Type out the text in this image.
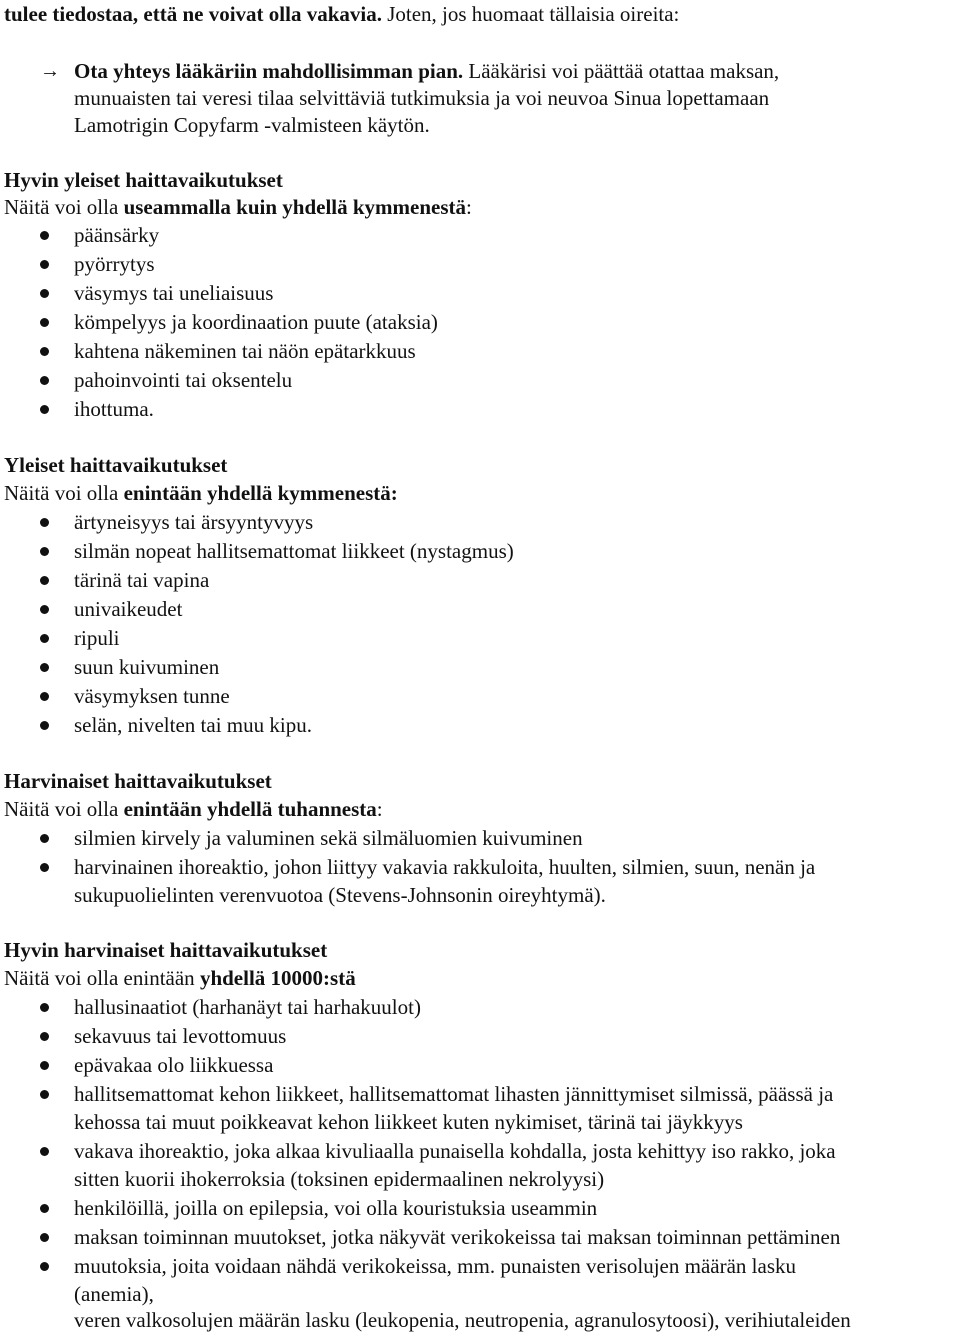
tulee tiedostaa, että ne voivat olla vakavia. Joten, jos huomaat tällaisia oireita:
→ Ota yhteys lääkäriin mahdollisimman pian. Lääkärisi voi päättää otattaa maksan,
munuaisten tai veresi tilaa selvittäviä tutkimuksia ja voi neuvoa Sinua lopettamaan
Lamotrigin Copyfarm -valmisteen käytön.
Hyvin yleiset haittavaikutukset
Näitä voi olla useammalla kuin yhdellä kymmenestä:
päänsärky
pyörrytys
väsymys tai uneliaisuus
kömpelyys ja koordinaation puute (ataksia)
kahtena näkeminen tai näön epätarkkuus
pahoinvointi tai oksentelu
ihottuma.
Yleiset haittavaikutukset
Näitä voi olla enintään yhdellä kymmenestä:
ärtyneisyys tai ärsyyntyvyys
silmän nopeat hallitsemattomat liikkeet (nystagmus)
tärinä tai vapina
univaikeudet
ripuli
suun kuivuminen
väsymyksen tunne
selän, nivelten tai muu kipu.
Harvinaiset haittavaikutukset
Näitä voi olla enintään yhdellä tuhannesta:
silmien kirvely ja valuminen sekä silmäluomien kuivuminen
harvinainen ihoreaktio, johon liittyy vakavia rakkuloita, huulten, silmien, suun, nenän ja
sukupuolielinten verenvuotoa (Stevens-Johnsonin oireyhtymä).
Hyvin harvinaiset haittavaikutukset
Näitä voi olla enintään yhdellä 10000:stä
hallusinaatiot (harhanäyt tai harhakuulot)
sekavuus tai levottomuus
epävakaa olo liikkuessa
hallitsemattomat kehon liikkeet, hallitsemattomat lihasten jännittymiset silmissä, päässä ja
kehossa tai muut poikkeavat kehon liikkeet kuten nykimiset, tärinä tai jäykkyys
vakava ihoreaktio, joka alkaa kivuliaalla punaisella kohdalla, josta kehittyy iso rakko, joka
sitten kuorii ihokerroksia (toksinen epidermaalinen nekrolyysi)
henkilöillä, joilla on epilepsia, voi olla kouristuksia useammin
maksan toiminnan muutokset, jotka näkyvät verikokeissa tai maksan toiminnan pettäminen
muutoksia, joita voidaan nähdä verikokeissa, mm. punaisten verisolujen määrän lasku
(anemia),
veren valkosolujen määrän lasku (leukopenia, neutropenia, agranulosytoosi), verihiutaleiden
